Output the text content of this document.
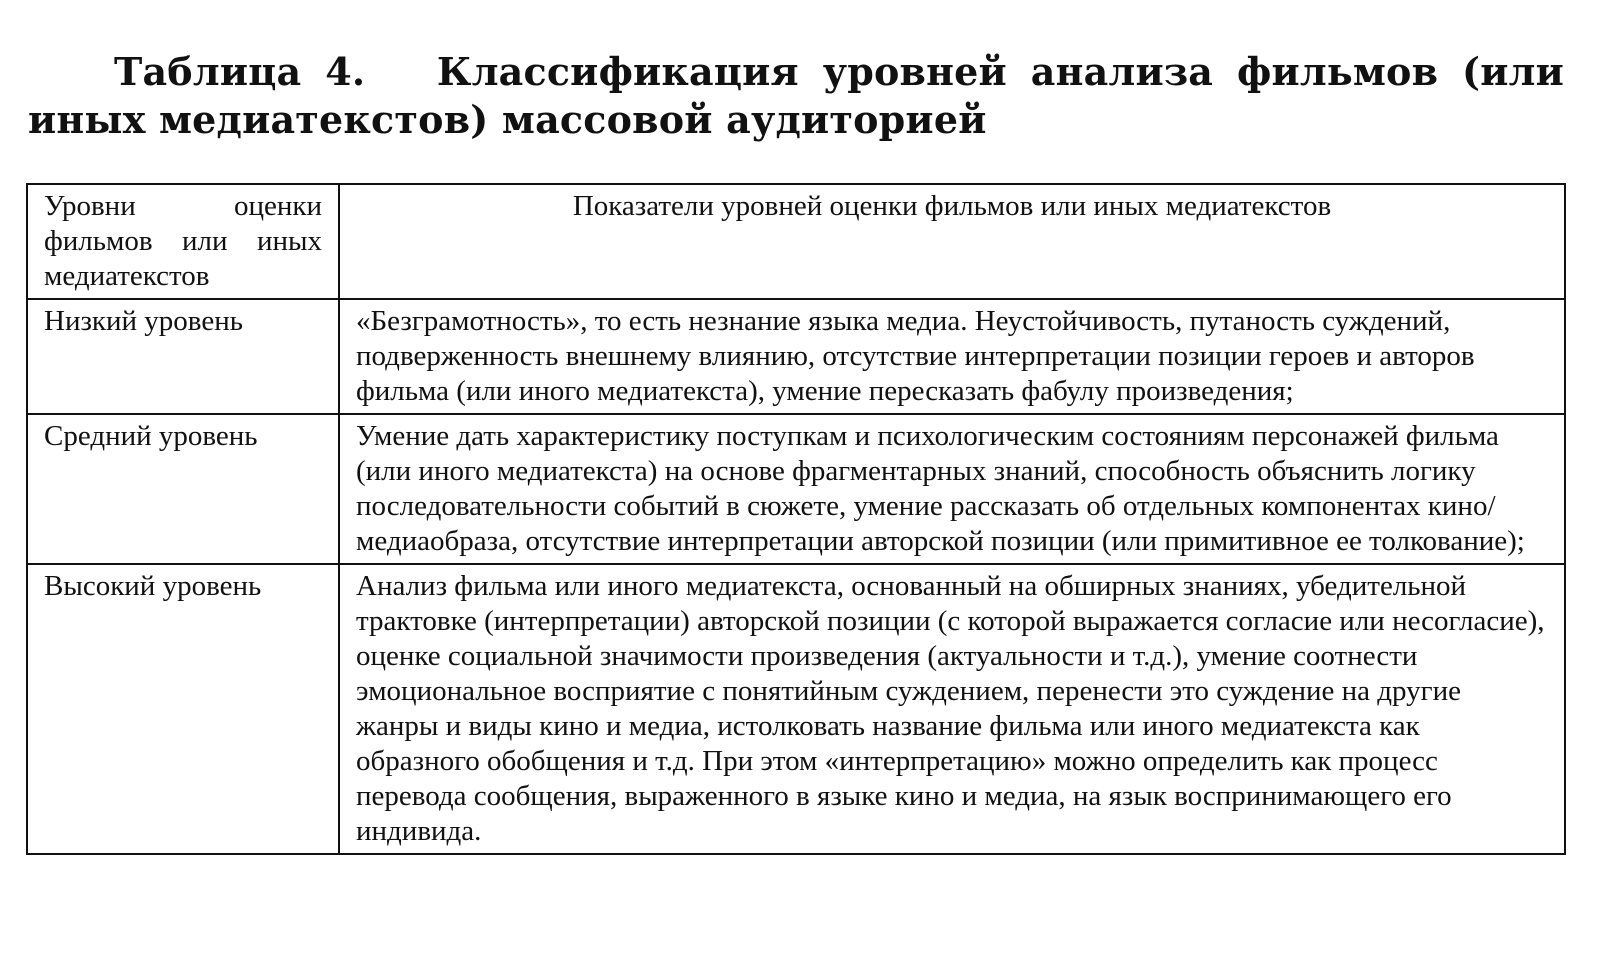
Таблица 4. Классификация уровней анализа фильмов (или иных медиатекстов) массовой аудиторией
Уровни оценки фильмов или иных медиатекстов	Показатели уровней оценки фильмов или иных медиатекстов
Низкий уровень	«Безграмотность», то есть незнание языка медиа. Неустойчивость, путаность суждений, подверженность внешнему влиянию, отсутствие интерпретации позиции героев и авторов фильма (или иного медиатекста), умение пересказать фабулу произведения;
Средний уровень	Умение дать характеристику поступкам и психологическим состояниям персонажей фильма (или иного медиатекста) на основе фрагментарных знаний, способность объяснить логику последовательности событий в сюжете, умение рассказать об отдельных компонентах кино/медиаобраза, отсутствие интерпретации авторской позиции (или примитивное ее толкование);
Высокий уровень	Анализ фильма или иного медиатекста, основанный на обширных знаниях, убедительной трактовке (интерпретации) авторской позиции (с которой выражается согласие или несогласие), оценке социальной значимости произведения (актуальности и т.д.), умение соотнести эмоциональное восприятие с понятийным суждением, перенести это суждение на другие жанры и виды кино и медиа, истолковать название фильма или иного медиатекста как образного обобщения и т.д. При этом «интерпретацию» можно определить как процесс перевода сообщения, выраженного в языке кино и медиа, на язык воспринимающего его индивида.
